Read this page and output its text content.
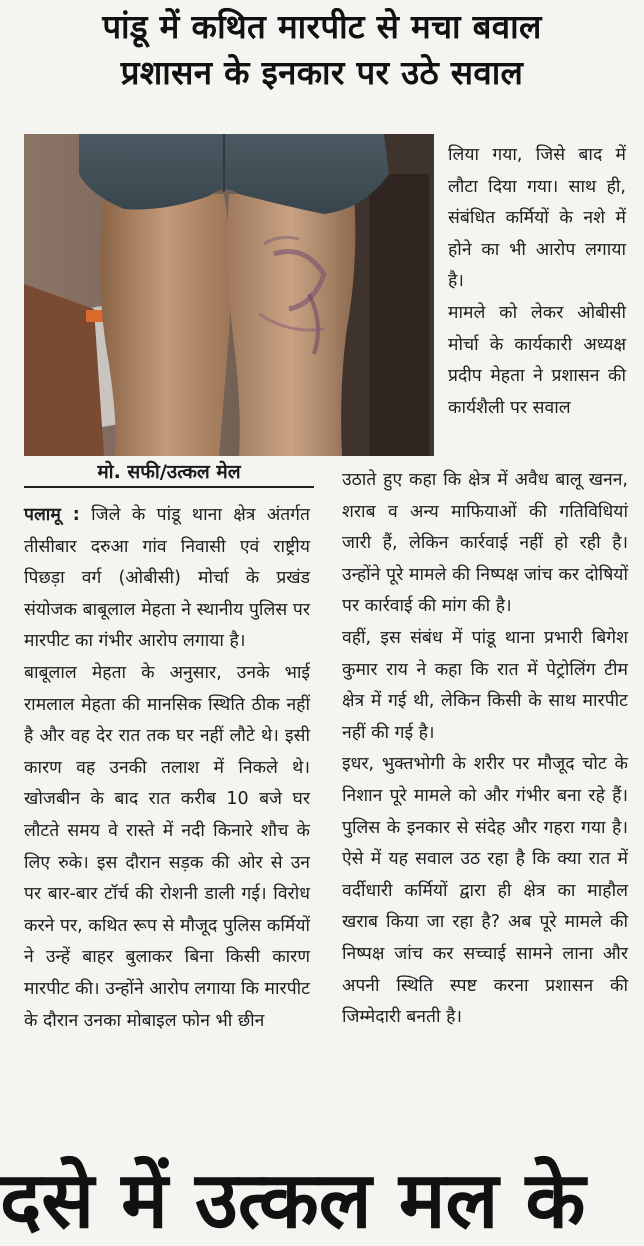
पांडू में कथित मारपीट से मचा बवाल
प्रशासन के इनकार पर उठे सवाल
मो. सफी/उत्कल मेल

लिया गया, जिसे बाद में लौटा दिया गया। साथ ही, संबंधित कर्मियों के नशे में होने का भी आरोप लगाया है।

मामले को लेकर ओबीसी मोर्चा के कार्यकारी अध्यक्ष प्रदीप मेहता ने प्रशासन की कार्यशैली पर सवाल

पलामू : जिले के पांडू थाना क्षेत्र अंतर्गत तीसीबार दरुआ गांव निवासी एवं राष्ट्रीय पिछड़ा वर्ग (ओबीसी) मोर्चा के प्रखंड संयोजक बाबूलाल मेहता ने स्थानीय पुलिस पर मारपीट का गंभीर आरोप लगाया है।

बाबूलाल मेहता के अनुसार, उनके भाई रामलाल मेहता की मानसिक स्थिति ठीक नहीं है और वह देर रात तक घर नहीं लौटे थे। इसी कारण वह उनकी तलाश में निकले थे। खोजबीन के बाद रात करीब 10 बजे घर लौटते समय वे रास्ते में नदी किनारे शौच के लिए रुके। इस दौरान सड़क की ओर से उन पर बार-बार टॉर्च की रोशनी डाली गई। विरोध करने पर, कथित रूप से मौजूद पुलिस कर्मियों ने उन्हें बाहर बुलाकर बिना किसी कारण मारपीट की। उन्होंने आरोप लगाया कि मारपीट के दौरान उनका मोबाइल फोन भी छीन

उठाते हुए कहा कि क्षेत्र में अवैध बालू खनन, शराब व अन्य माफियाओं की गतिविधियां जारी हैं, लेकिन कार्रवाई नहीं हो रही है। उन्होंने पूरे मामले की निष्पक्ष जांच कर दोषियों पर कार्रवाई की मांग की है।

वहीं, इस संबंध में पांडू थाना प्रभारी बिगेश कुमार राय ने कहा कि रात में पेट्रोलिंग टीम क्षेत्र में गई थी, लेकिन किसी के साथ मारपीट नहीं की गई है।

इधर, भुक्तभोगी के शरीर पर मौजूद चोट के निशान पूरे मामले को और गंभीर बना रहे हैं। पुलिस के इनकार से संदेह और गहरा गया है। ऐसे में यह सवाल उठ रहा है कि क्या रात में वर्दीधारी कर्मियों द्वारा ही क्षेत्र का माहौल खराब किया जा रहा है? अब पूरे मामले की निष्पक्ष जांच कर सच्चाई सामने लाना और अपनी स्थिति स्पष्ट करना प्रशासन की जिम्मेदारी बनती है।

दसे में उत्कल मल के
